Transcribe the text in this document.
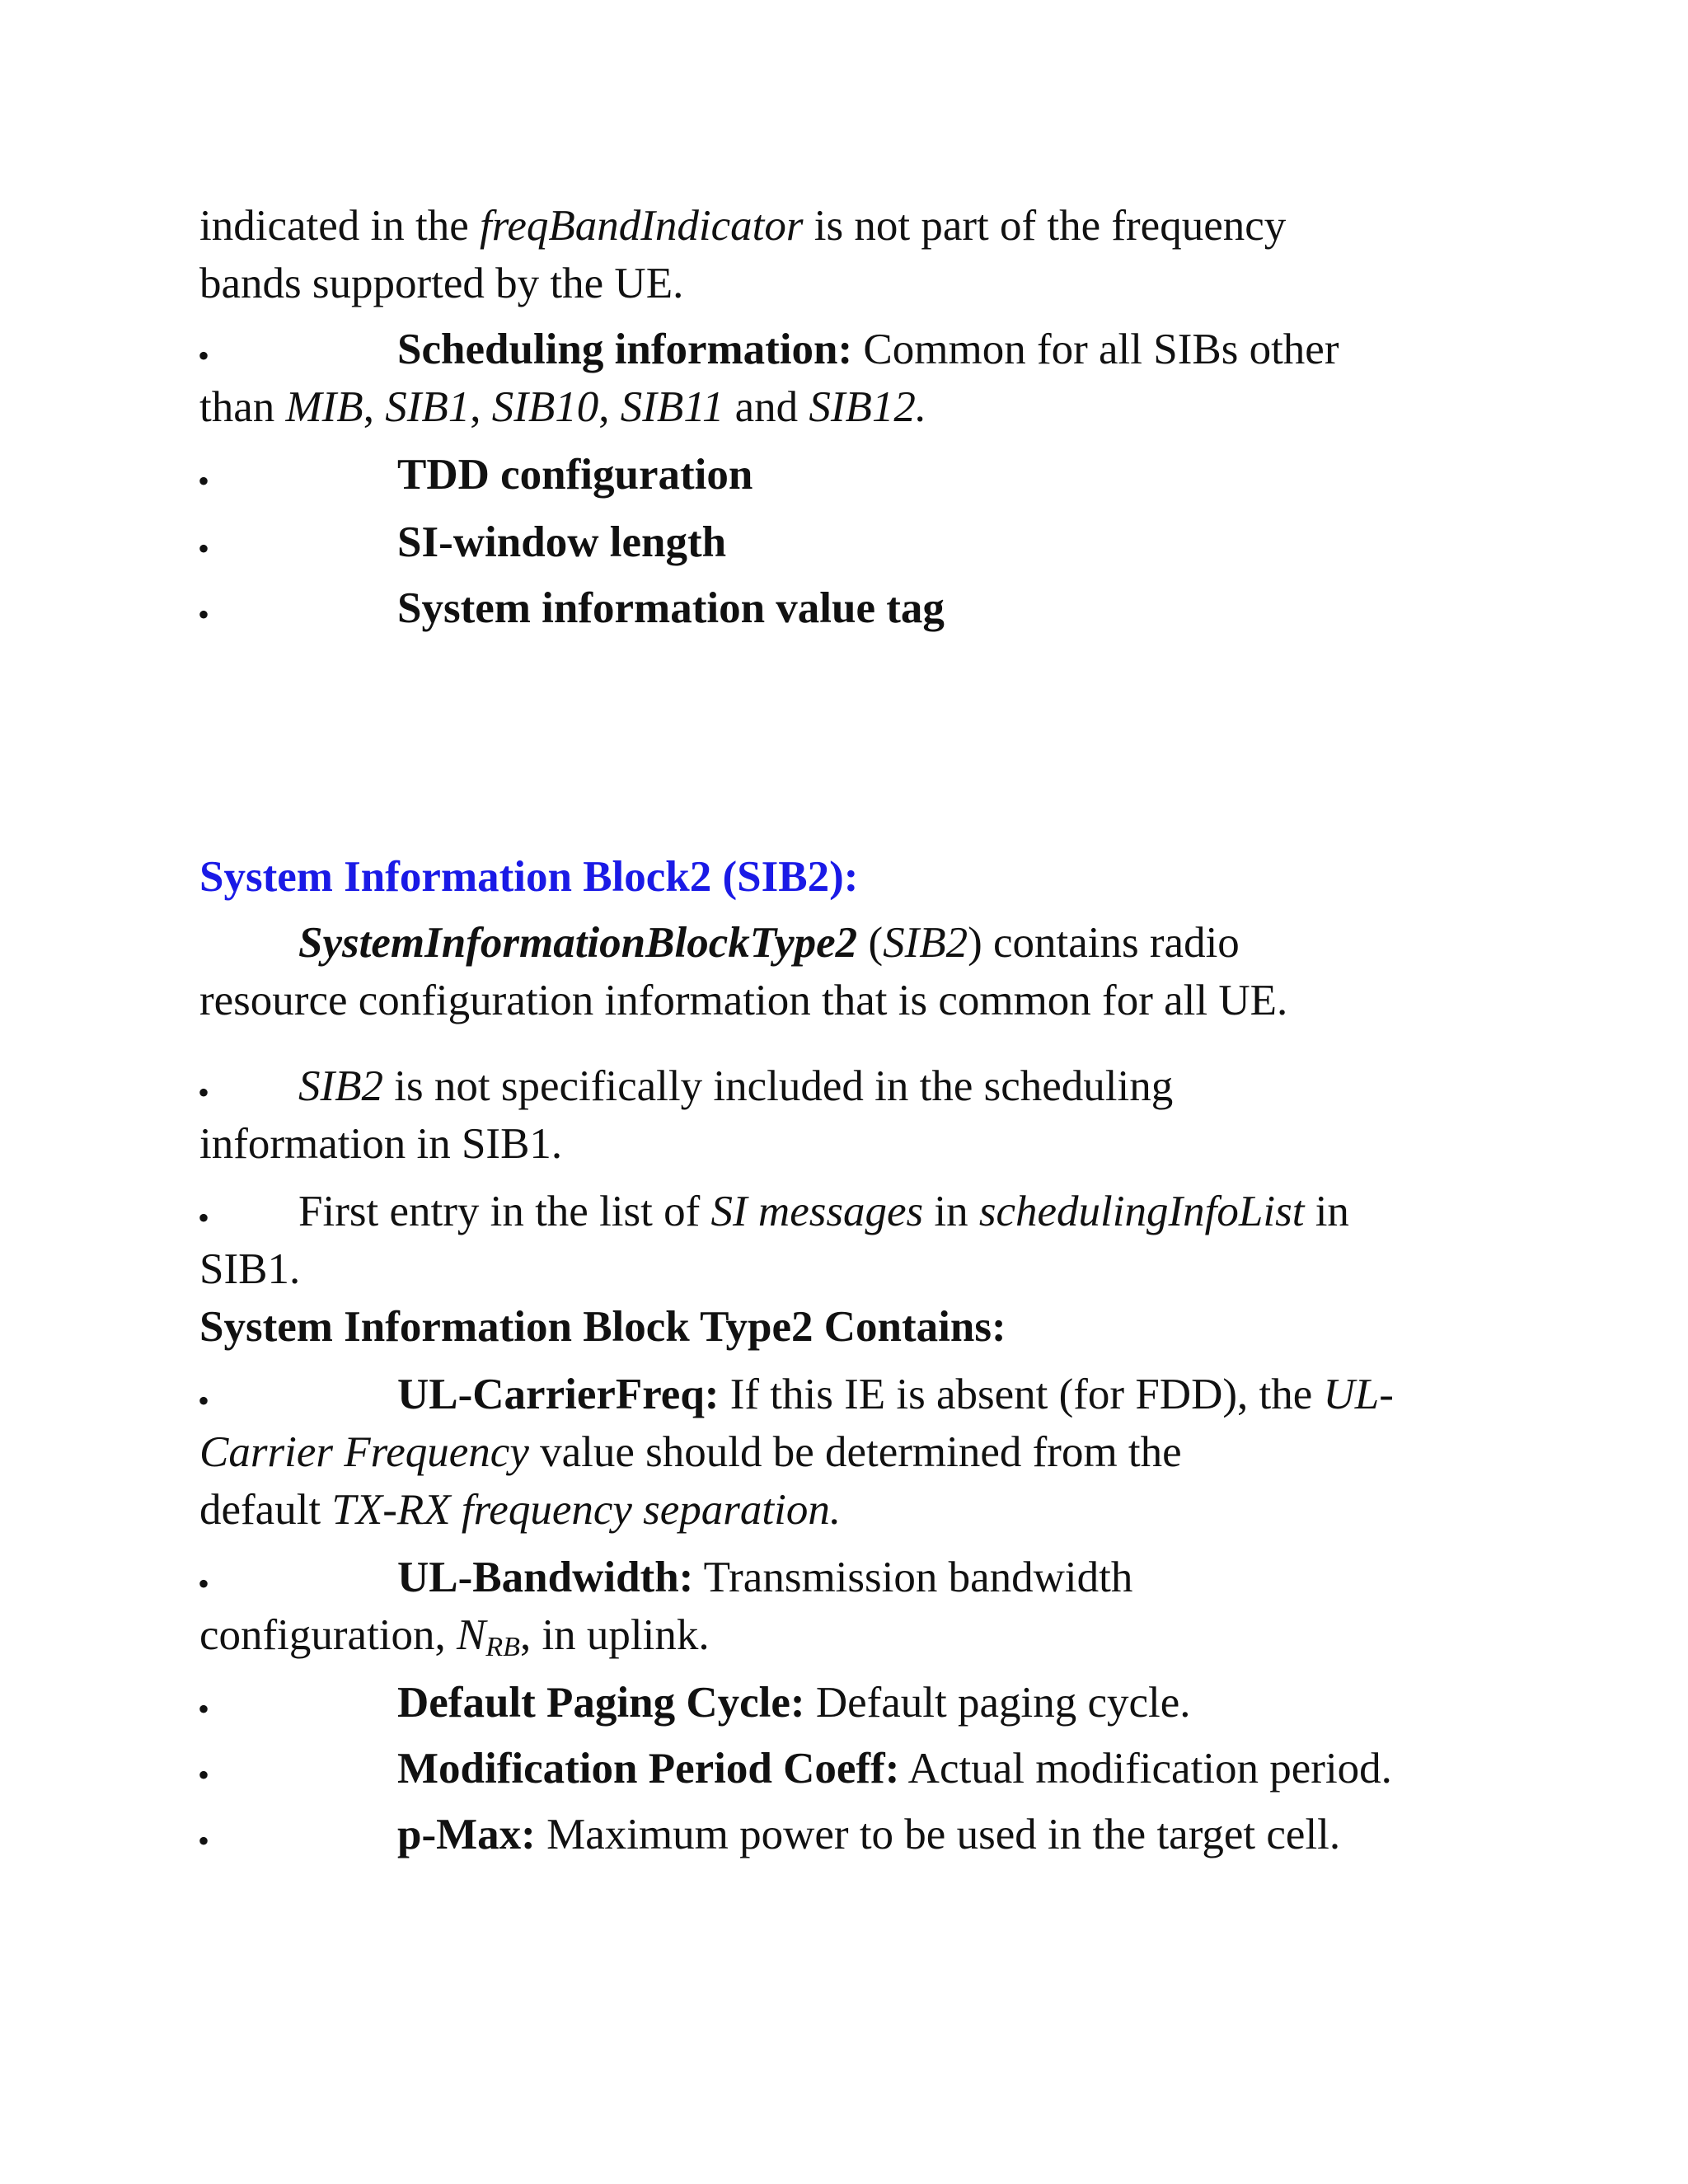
indicated in the freqBandIndicator is not part of the frequency
bands supported by the UE.
•	Scheduling information: Common for all SIBs other
than MIB, SIB1, SIB10, SIB11 and SIB12.
•	TDD configuration
•	SI-window length
•	System information value tag
System Information Block2 (SIB2):
SystemInformationBlockType2 (SIB2) contains radio
resource configuration information that is common for all UE.
• SIB2 is not specifically included in the scheduling
information in SIB1.
• First entry in the list of SI messages in schedulingInfoList in
SIB1.
System Information Block Type2 Contains:
•	UL-CarrierFreq: If this IE is absent (for FDD), the UL-
Carrier Frequency value should be determined from the
default TX-RX frequency separation.
•	UL-Bandwidth: Transmission bandwidth
configuration, $N_{RB}$, in uplink.
•	Default Paging Cycle: Default paging cycle.
•	Modification Period Coeff: Actual modification period.
•	p-Max: Maximum power to be used in the target cell.
